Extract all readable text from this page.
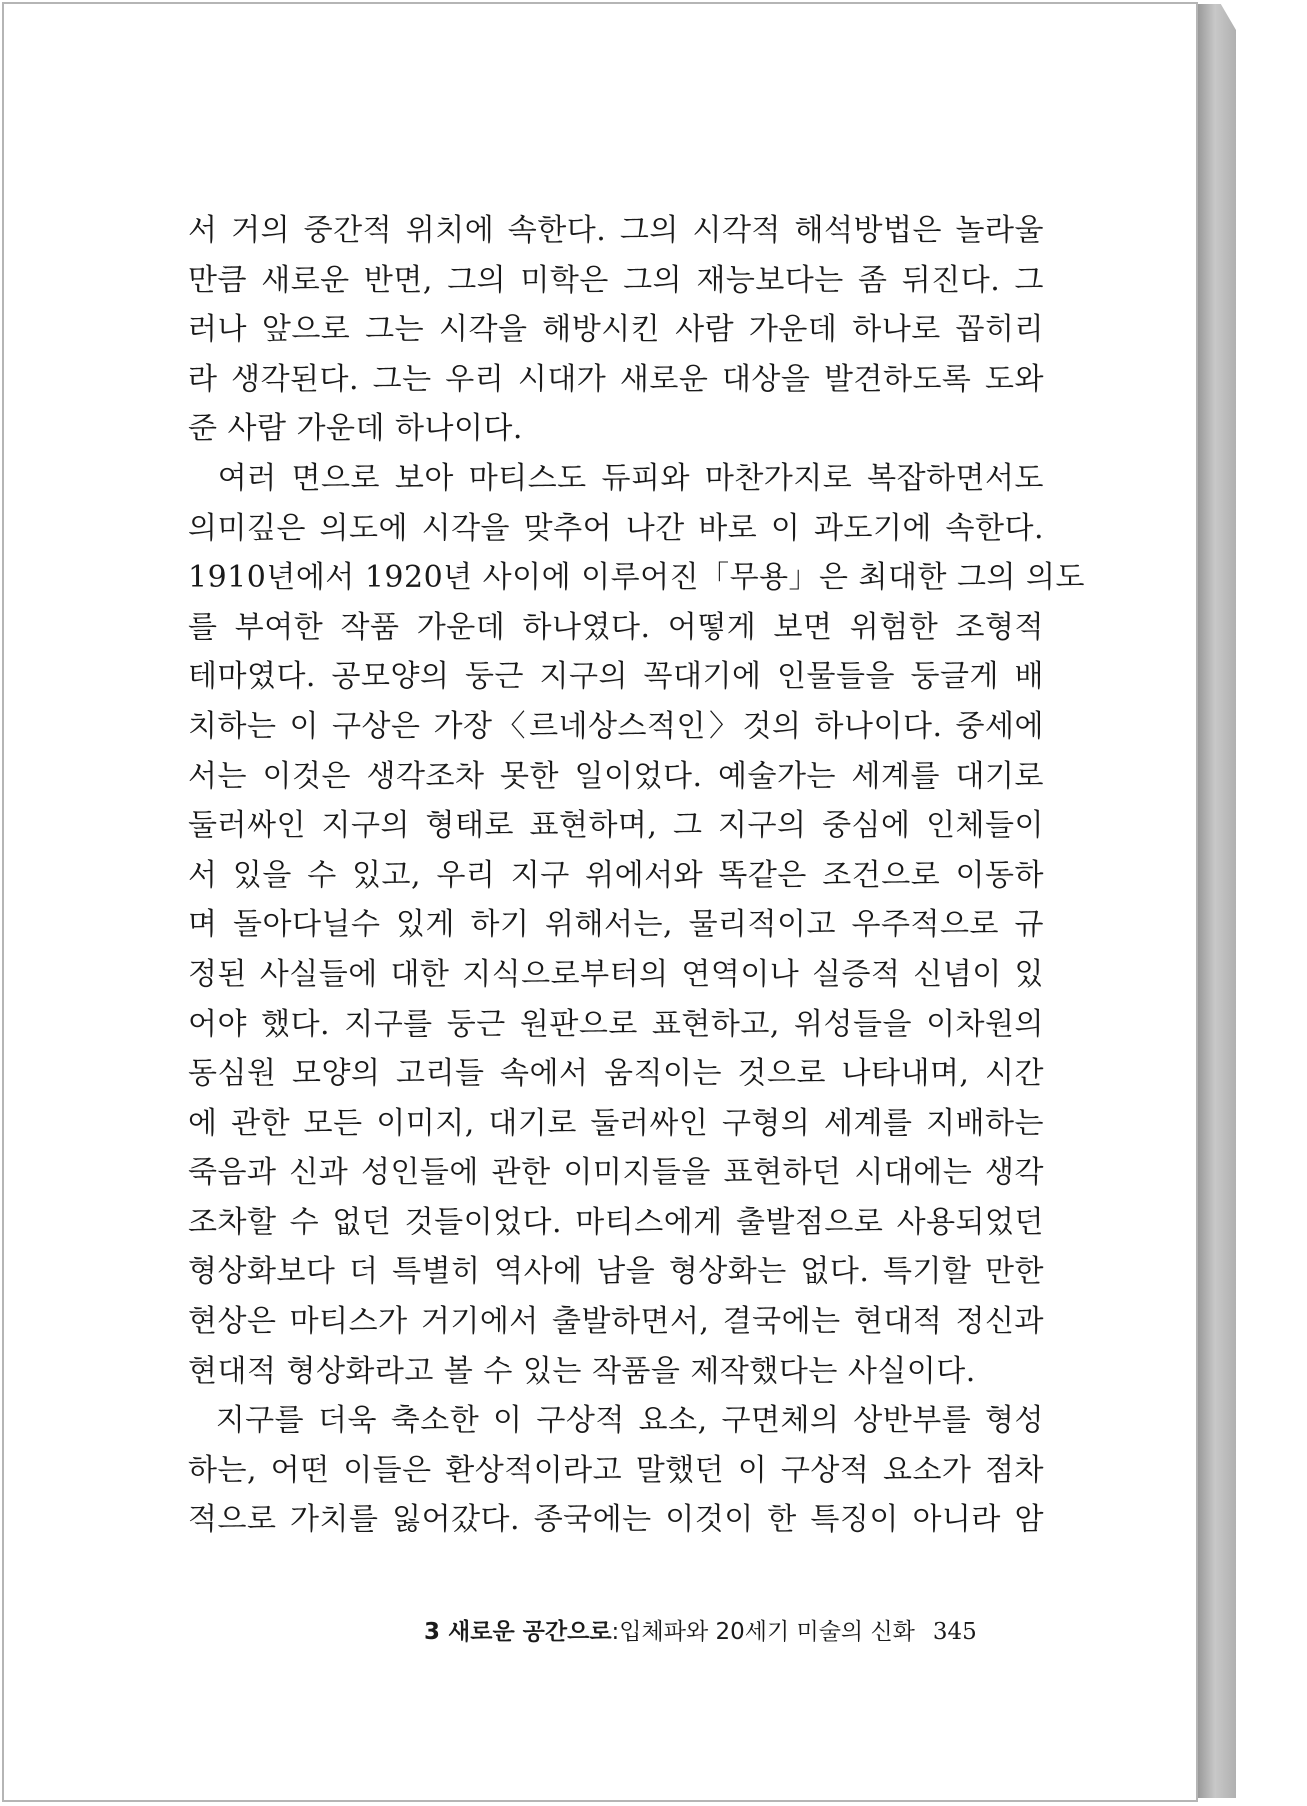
서 거의 중간적 위치에 속한다. 그의 시각적 해석방법은 놀라울
만큼 새로운 반면, 그의 미학은 그의 재능보다는 좀 뒤진다. 그
러나 앞으로 그는 시각을 해방시킨 사람 가운데 하나로 꼽히리
라 생각된다. 그는 우리 시대가 새로운 대상을 발견하도록 도와
준 사람 가운데 하나이다.
여러 면으로 보아 마티스도 듀피와 마찬가지로 복잡하면서도
의미깊은 의도에 시각을 맞추어 나간 바로 이 과도기에 속한다.
1910년에서 1920년 사이에 이루어진「무용」은 최대한 그의 의도
를 부여한 작품 가운데 하나였다. 어떻게 보면 위험한 조형적
테마였다. 공모양의 둥근 지구의 꼭대기에 인물들을 둥글게 배
치하는 이 구상은 가장〈르네상스적인〉것의 하나이다. 중세에
서는 이것은 생각조차 못한 일이었다. 예술가는 세계를 대기로
둘러싸인 지구의 형태로 표현하며, 그 지구의 중심에 인체들이
서 있을 수 있고, 우리 지구 위에서와 똑같은 조건으로 이동하
며 돌아다닐수 있게 하기 위해서는, 물리적이고 우주적으로 규
정된 사실들에 대한 지식으로부터의 연역이나 실증적 신념이 있
어야 했다. 지구를 둥근 원판으로 표현하고, 위성들을 이차원의
동심원 모양의 고리들 속에서 움직이는 것으로 나타내며, 시간
에 관한 모든 이미지, 대기로 둘러싸인 구형의 세계를 지배하는
죽음과 신과 성인들에 관한 이미지들을 표현하던 시대에는 생각
조차할 수 없던 것들이었다. 마티스에게 출발점으로 사용되었던
형상화보다 더 특별히 역사에 남을 형상화는 없다. 특기할 만한
현상은 마티스가 거기에서 출발하면서, 결국에는 현대적 정신과
현대적 형상화라고 볼 수 있는 작품을 제작했다는 사실이다.
지구를 더욱 축소한 이 구상적 요소, 구면체의 상반부를 형성
하는, 어떤 이들은 환상적이라고 말했던 이 구상적 요소가 점차
적으로 가치를 잃어갔다. 종국에는 이것이 한 특징이 아니라 암
3 새로운 공간으로:입체파와 20세기 미술의 신화 345
